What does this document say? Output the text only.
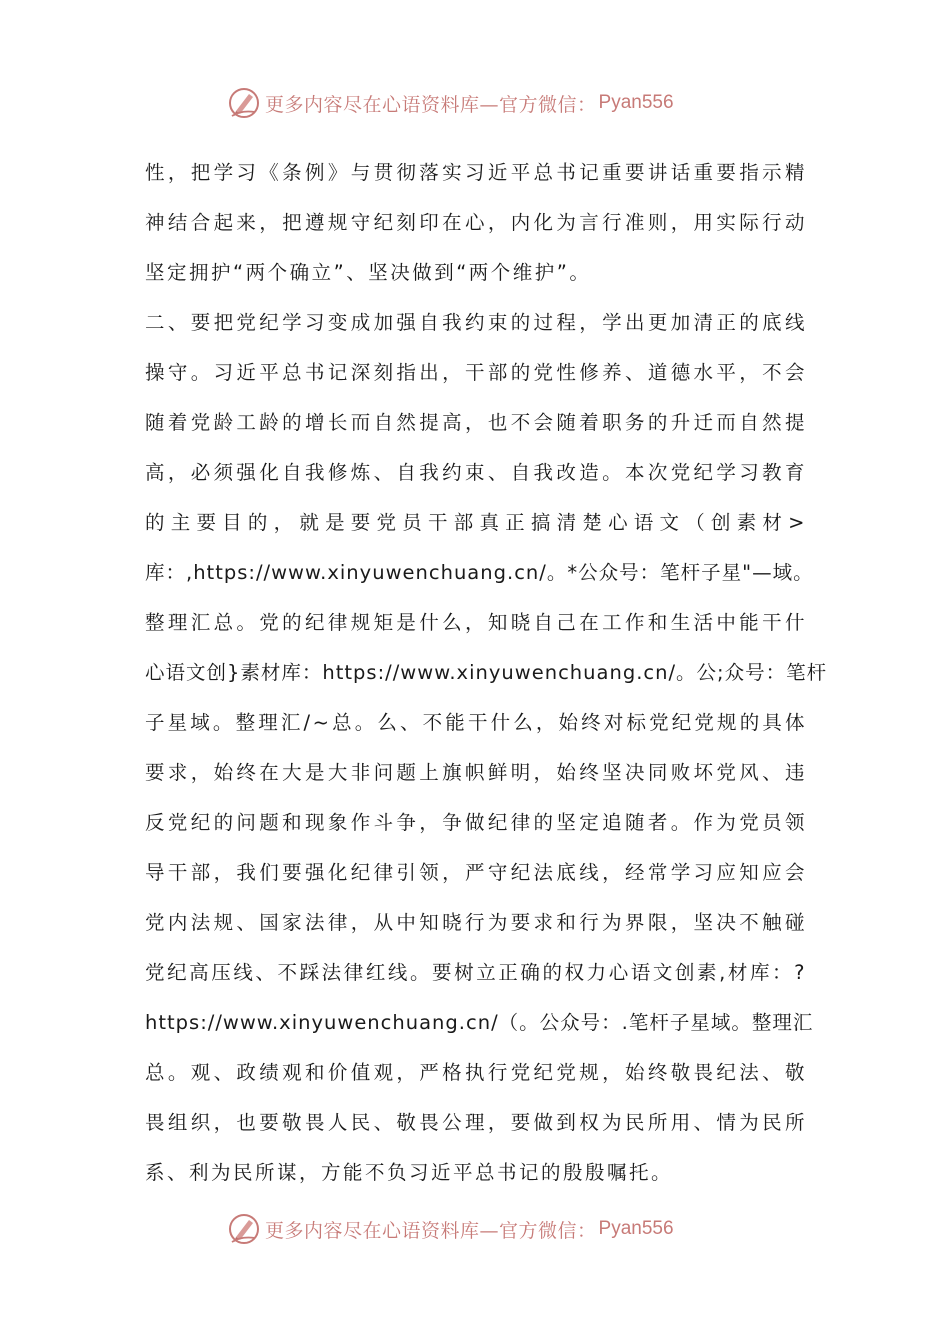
更多内容尽在心语资料库—官方微信： Pyan556
性，把学习《条例》与贯彻落实习近平总书记重要讲话重要指示精
神结合起来，把遵规守纪刻印在心，内化为言行准则，用实际行动
坚定拥护“两个确立”、坚决做到“两个维护”。
二、要把党纪学习变成加强自我约束的过程，学出更加清正的底线
操守。习近平总书记深刻指出，干部的党性修养、道德水平，不会
随着党龄工龄的增长而自然提高，也不会随着职务的升迁而自然提
高，必须强化自我修炼、自我约束、自我改造。本次党纪学习教育
的主要目的，就是要党员干部真正搞清楚心语文（创素材>
库：,https://www.xinyuwenchuang.cn/。*公众号：笔杆子星"—域。
整理汇总。党的纪律规矩是什么，知晓自己在工作和生活中能干什
心语文创}素材库：https://www.xinyuwenchuang.cn/。公;众号：笔杆
子星域。整理汇/~总。么、不能干什么，始终对标党纪党规的具体
要求，始终在大是大非问题上旗帜鲜明，始终坚决同败坏党风、违
反党纪的问题和现象作斗争，争做纪律的坚定追随者。作为党员领
导干部，我们要强化纪律引领，严守纪法底线，经常学习应知应会
党内法规、国家法律，从中知晓行为要求和行为界限，坚决不触碰
党纪高压线、不踩法律红线。要树立正确的权力心语文创素,材库：?
https://www.xinyuwenchuang.cn/（。公众号：.笔杆子星域。整理汇
总。观、政绩观和价值观，严格执行党纪党规，始终敬畏纪法、敬
畏组织，也要敬畏人民、敬畏公理，要做到权为民所用、情为民所
系、利为民所谋，方能不负习近平总书记的殷殷嘱托。
更多内容尽在心语资料库—官方微信： Pyan556
